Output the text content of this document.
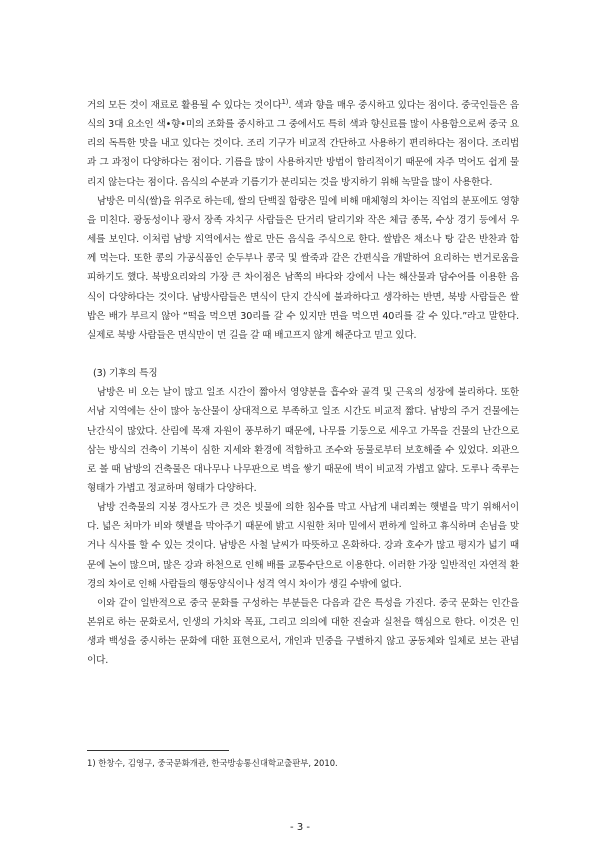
거의 모든 것이 재료로 활용될 수 있다는 것이다$^{1)}$. 색과 향을 매우 중시하고 있다는 점이다. 중국인들은 음식의 3대 요소인 색•향•미의 조화를 중시하고 그 중에서도 특히 색과 향신료를 많이 사용함으로써 중국 요리의 독특한 맛을 내고 있다는 것이다. 조리 기구가 비교적 간단하고 사용하기 편리하다는 점이다. 조리법과 그 과정이 다양하다는 점이다. 기름을 많이 사용하지만 방법이 합리적이기 때문에 자주 먹어도 쉽게 물리지 않는다는 점이다. 음식의 수분과 기름기가 분리되는 것을 방지하기 위해 녹말을 많이 사용한다.

남방은 미식(쌀)을 위주로 하는데, 쌀의 단백질 함량은 밀에 비해 매체형의 차이는 직업의 분포에도 영향을 미친다. 광동성이나 광서 장족 자치구 사람들은 단거리 달리기와 작은 체급 종목, 수상 경기 등에서 우세를 보인다. 이처럼 남방 지역에서는 쌀로 만든 음식을 주식으로 한다. 쌀밥은 채소나 탕 같은 반찬과 함께 먹는다. 또한 콩의 가공식품인 순두부나 콩국 및 쌀죽과 같은 간편식을 개발하여 요리하는 번거로움을 피하기도 했다. 북방요리와의 가장 큰 차이점은 남쪽의 바다와 강에서 나는 해산물과 담수어를 이용한 음식이 다양하다는 것이다. 남방사람들은 면식이 단지 간식에 불과하다고 생각하는 반면, 북방 사람들은 쌀밥은 배가 부르지 않아 “떡을 먹으면 30리를 갈 수 있지만 면을 먹으면 40리를 갈 수 있다.”라고 말한다. 실제로 북방 사람들은 면식만이 먼 길을 갈 때 배고프지 않게 해준다고 믿고 있다.

(3) 기후의 특징

남방은 비 오는 날이 많고 일조 시간이 짧아서 영양분을 흡수와 골격 및 근육의 성장에 불리하다. 또한 서남 지역에는 산이 많아 농산물이 상대적으로 부족하고 일조 시간도 비교적 짧다. 남방의 주거 건물에는 난간식이 많았다. 산림에 목재 자원이 풍부하기 때문에, 나무를 기둥으로 세우고 가목을 건물의 난간으로 삼는 방식의 건축이 기복이 심한 지세와 환경에 적합하고 조수와 동물로부터 보호해줄 수 있었다. 외관으로 볼 때 남방의 건축물은 대나무나 나무판으로 벽을 쌓기 때문에 벽이 비교적 가볍고 얇다. 도루나 죽루는 형태가 가볍고 정교하며 형태가 다양하다.

남방 건축물의 지붕 경사도가 큰 것은 빗물에 의한 침수를 막고 사납게 내리쬐는 햇볕을 막기 위해서이다. 넓은 처마가 비와 햇볕을 막아주기 때문에 밝고 시원한 처마 밑에서 편하게 일하고 휴식하며 손님을 맞거나 식사를 할 수 있는 것이다. 남방은 사철 날씨가 따뜻하고 온화하다. 강과 호수가 많고 평지가 넓기 때문에 논이 많으며, 많은 강과 하천으로 인해 배를 교통수단으로 이용한다. 이러한 가장 일반적인 자연적 환경의 차이로 인해 사람들의 행동양식이나 성격 역시 차이가 생길 수밖에 없다.

이와 같이 일반적으로 중국 문화를 구성하는 부분들은 다음과 같은 특성을 가진다. 중국 문화는 인간을 본위로 하는 문화로서, 인생의 가치와 목표, 그리고 의의에 대한 진술과 실천을 핵심으로 한다. 이것은 인생과 백성을 중시하는 문화에 대한 표현으로서, 개인과 민중을 구별하지 않고 공동체와 일체로 보는 관념이다.

1) 한창수, 김영구, 중국문화개관, 한국방송통신대학교출판부, 2010.
- 3 -
